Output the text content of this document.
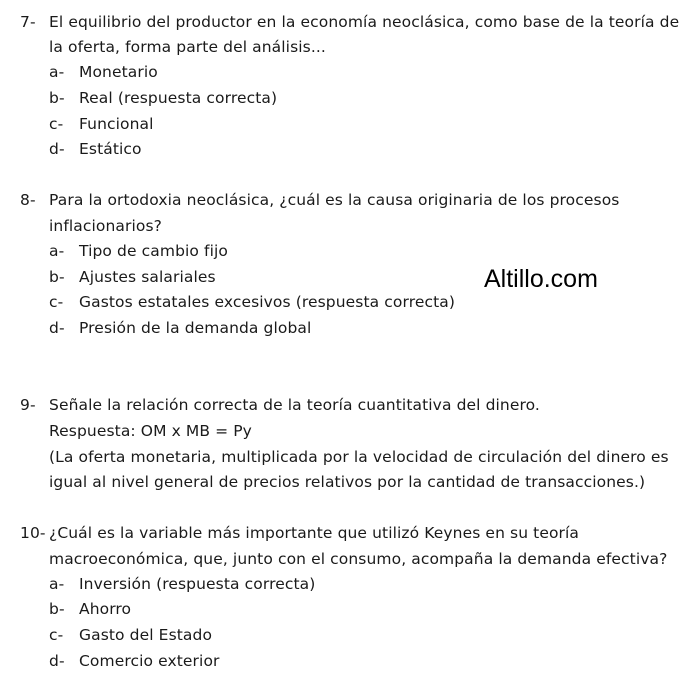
7- El equilibrio del productor en la economía neoclásica, como base de la teoría de
la oferta, forma parte del análisis...
a- Monetario
b- Real (respuesta correcta)
c- Funcional
d- Estático
8- Para la ortodoxia neoclásica, ¿cuál es la causa originaria de los procesos
inflacionarios?
a- Tipo de cambio fijo
b- Ajustes salariales
c- Gastos estatales excesivos (respuesta correcta)
d- Presión de la demanda global
Altillo.com
9- Señale la relación correcta de la teoría cuantitativa del dinero.
Respuesta: OM x MB = Py
(La oferta monetaria, multiplicada por la velocidad de circulación del dinero es
igual al nivel general de precios relativos por la cantidad de transacciones.)
10- ¿Cuál es la variable más importante que utilizó Keynes en su teoría
macroeconómica, que, junto con el consumo, acompaña la demanda efectiva?
a- Inversión (respuesta correcta)
b- Ahorro
c- Gasto del Estado
d- Comercio exterior
